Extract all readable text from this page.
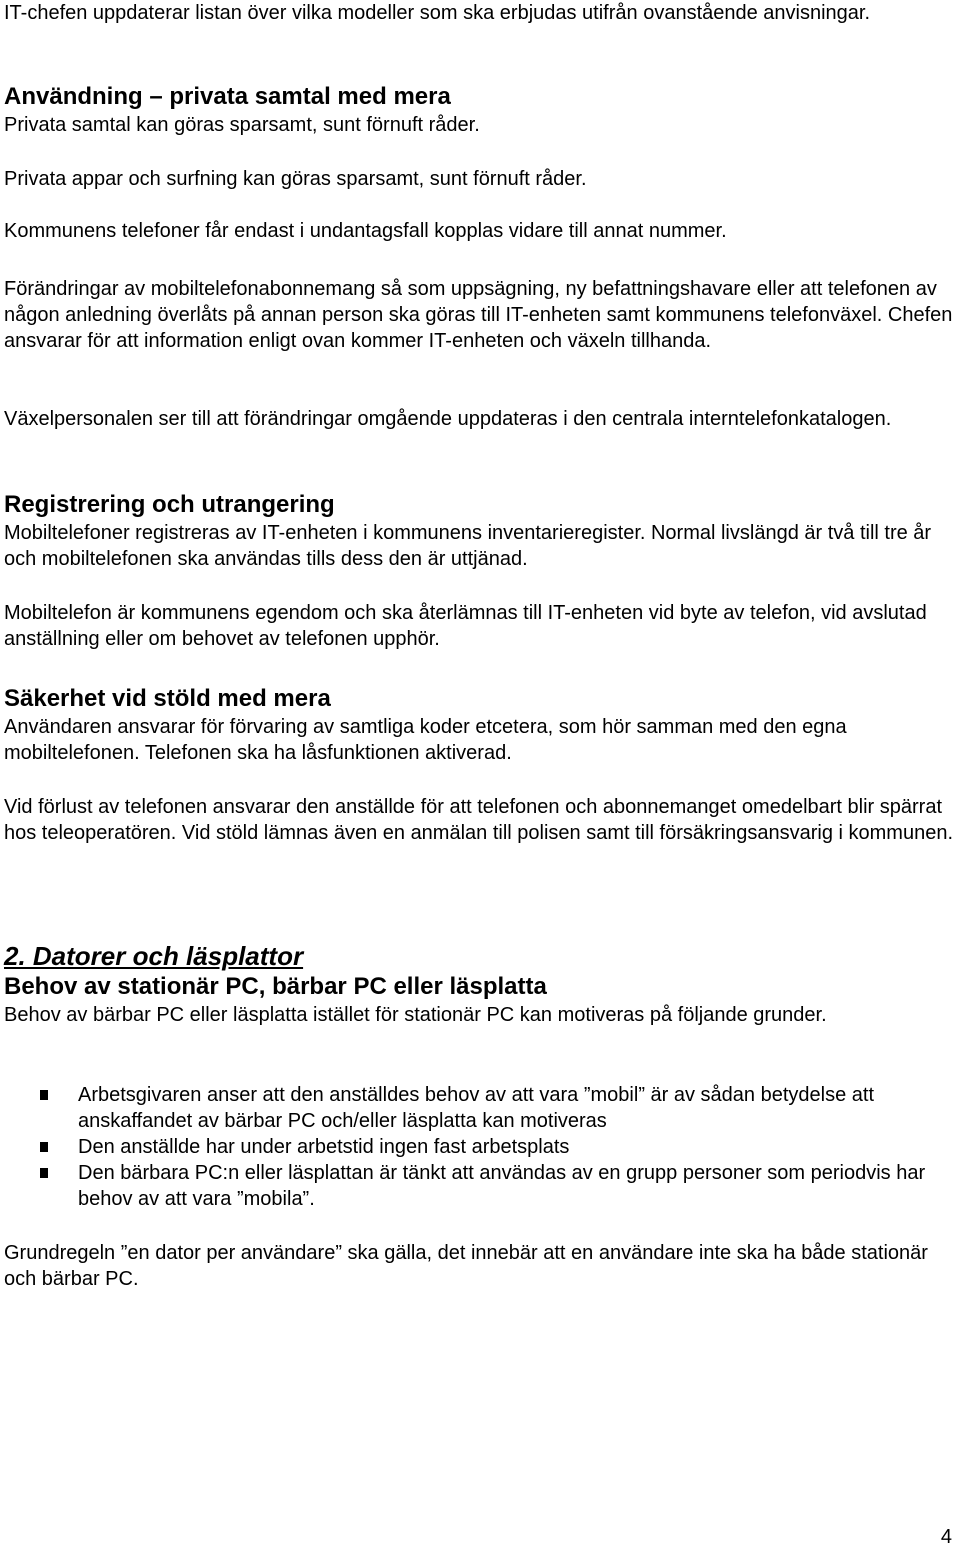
IT-chefen uppdaterar listan över vilka modeller som ska erbjudas utifrån ovanstående anvisningar.

Användning – privata samtal med mera

Privata samtal kan göras sparsamt, sunt förnuft råder.

Privata appar och surfning kan göras sparsamt, sunt förnuft råder.

Kommunens telefoner får endast i undantagsfall kopplas vidare till annat nummer.

Förändringar av mobiltelefonabonnemang så som uppsägning, ny befattningshavare eller att telefonen av någon anledning överlåts på annan person ska göras till IT-enheten samt kommunens telefonväxel. Chefen ansvarar för att information enligt ovan kommer IT-enheten och växeln tillhanda.

Växelpersonalen ser till att förändringar omgående uppdateras i den centrala interntelefonkatalogen.

Registrering och utrangering

Mobiltelefoner registreras av IT-enheten i kommunens inventarieregister. Normal livslängd är två till tre år och mobiltelefonen ska användas tills dess den är uttjänad.

Mobiltelefon är kommunens egendom och ska återlämnas till IT-enheten vid byte av telefon, vid avslutad anställning eller om behovet av telefonen upphör.

Säkerhet vid stöld med mera

Användaren ansvarar för förvaring av samtliga koder etcetera, som hör samman med den egna mobiltelefonen. Telefonen ska ha låsfunktionen aktiverad.

Vid förlust av telefonen ansvarar den anställde för att telefonen och abonnemanget omedelbart blir spärrat hos teleoperatören. Vid stöld lämnas även en anmälan till polisen samt till försäkringsansvarig i kommunen.

2. Datorer och läsplattor
Behov av stationär PC, bärbar PC eller läsplatta

Behov av bärbar PC eller läsplatta istället för stationär PC kan motiveras på följande grunder.

Arbetsgivaren anser att den anställdes behov av att vara ”mobil” är av sådan betydelse att anskaffandet av bärbar PC och/eller läsplatta kan motiveras
Den anställde har under arbetstid ingen fast arbetsplats
Den bärbara PC:n eller läsplattan är tänkt att användas av en grupp personer som periodvis har behov av att vara ”mobila”.

Grundregeln ”en dator per användare” ska gälla, det innebär att en användare inte ska ha både stationär och bärbar PC.

4
